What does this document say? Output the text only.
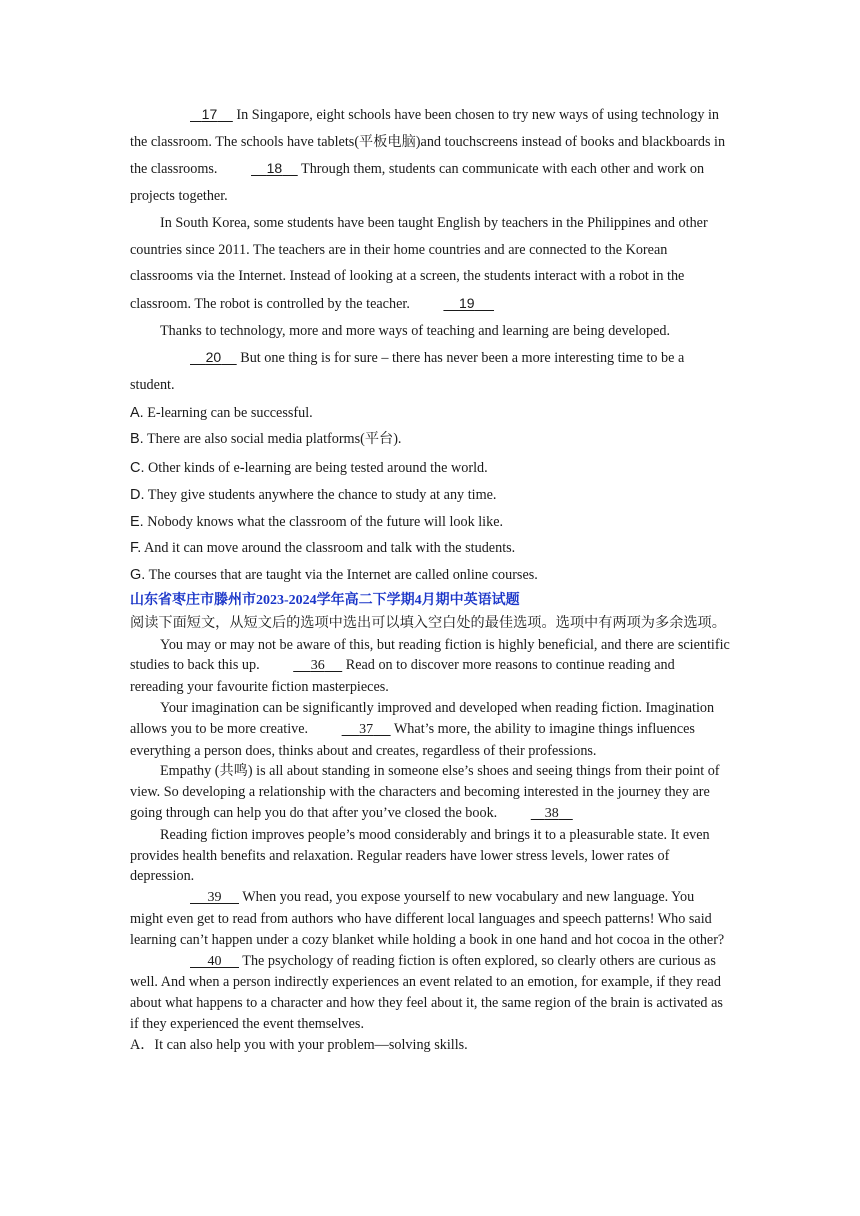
17     In Singapore, eight schools have been chosen to try new ways of using technology in the classroom. The schools have tablets(平板电脑)and touchscreens instead of books and blackboards in the classrooms.	18     Through them, students can communicate with each other and work on projects together.

In South Korea, some students have been taught English by teachers in the Philippines and other countries since 2011. The teachers are in their home countries and are connected to the Korean classrooms via the Internet. Instead of looking at a screen, the students interact with a robot in the classroom. The robot is controlled by the teacher.	19

Thanks to technology, more and more ways of teaching and learning are being developed.

20     But one thing is for sure – there has never been a more interesting time to be a student.

A. E-learning can be successful.

B. There are also social media platforms(平台).

C. Other kinds of e-learning are being tested around the world.

D. They give students anywhere the chance to study at any time.

E. Nobody knows what the classroom of the future will look like.

F. And it can move around the classroom and talk with the students.

G. The courses that are taught via the Internet are called online courses.

山东省枣庄市滕州市2023-2024学年高二下学期4月期中英语试题

阅读下面短文，从短文后的选项中选出可以填入空白处的最佳选项。选项中有两项为多余选项。

You may or may not be aware of this, but reading fiction is highly beneficial, and there are scientific studies to back this up.	36      Read on to discover more reasons to continue reading and rereading your favourite fiction masterpieces.

Your imagination can be significantly improved and developed when reading fiction. Imagination allows you to be more creative.	37      What’s more, the ability to imagine things influences everything a person does, thinks about and creates, regardless of their professions.

Empathy (共鸣) is all about standing in someone else’s shoes and seeing things from their point of view. So developing a relationship with the characters and becoming interested in the journey they are going through can help you do that after you’ve closed the book.	38

Reading fiction improves people’s mood considerably and brings it to a pleasurable state. It even provides health benefits and relaxation. Regular readers have lower stress levels, lower rates of depression.

39      When you read, you expose yourself to new vocabulary and new language. You might even get to read from authors who have different local languages and speech patterns! Who said learning can’t happen under a cozy blanket while holding a book in one hand and hot cocoa in the other?

40      The psychology of reading fiction is often explored, so clearly others are curious as well. And when a person indirectly experiences an event related to an emotion, for example, if they read about what happens to a character and how they feel about it, the same region of the brain is activated as if they experienced the event themselves.

A．It can also help you with your problem—solving skills.
